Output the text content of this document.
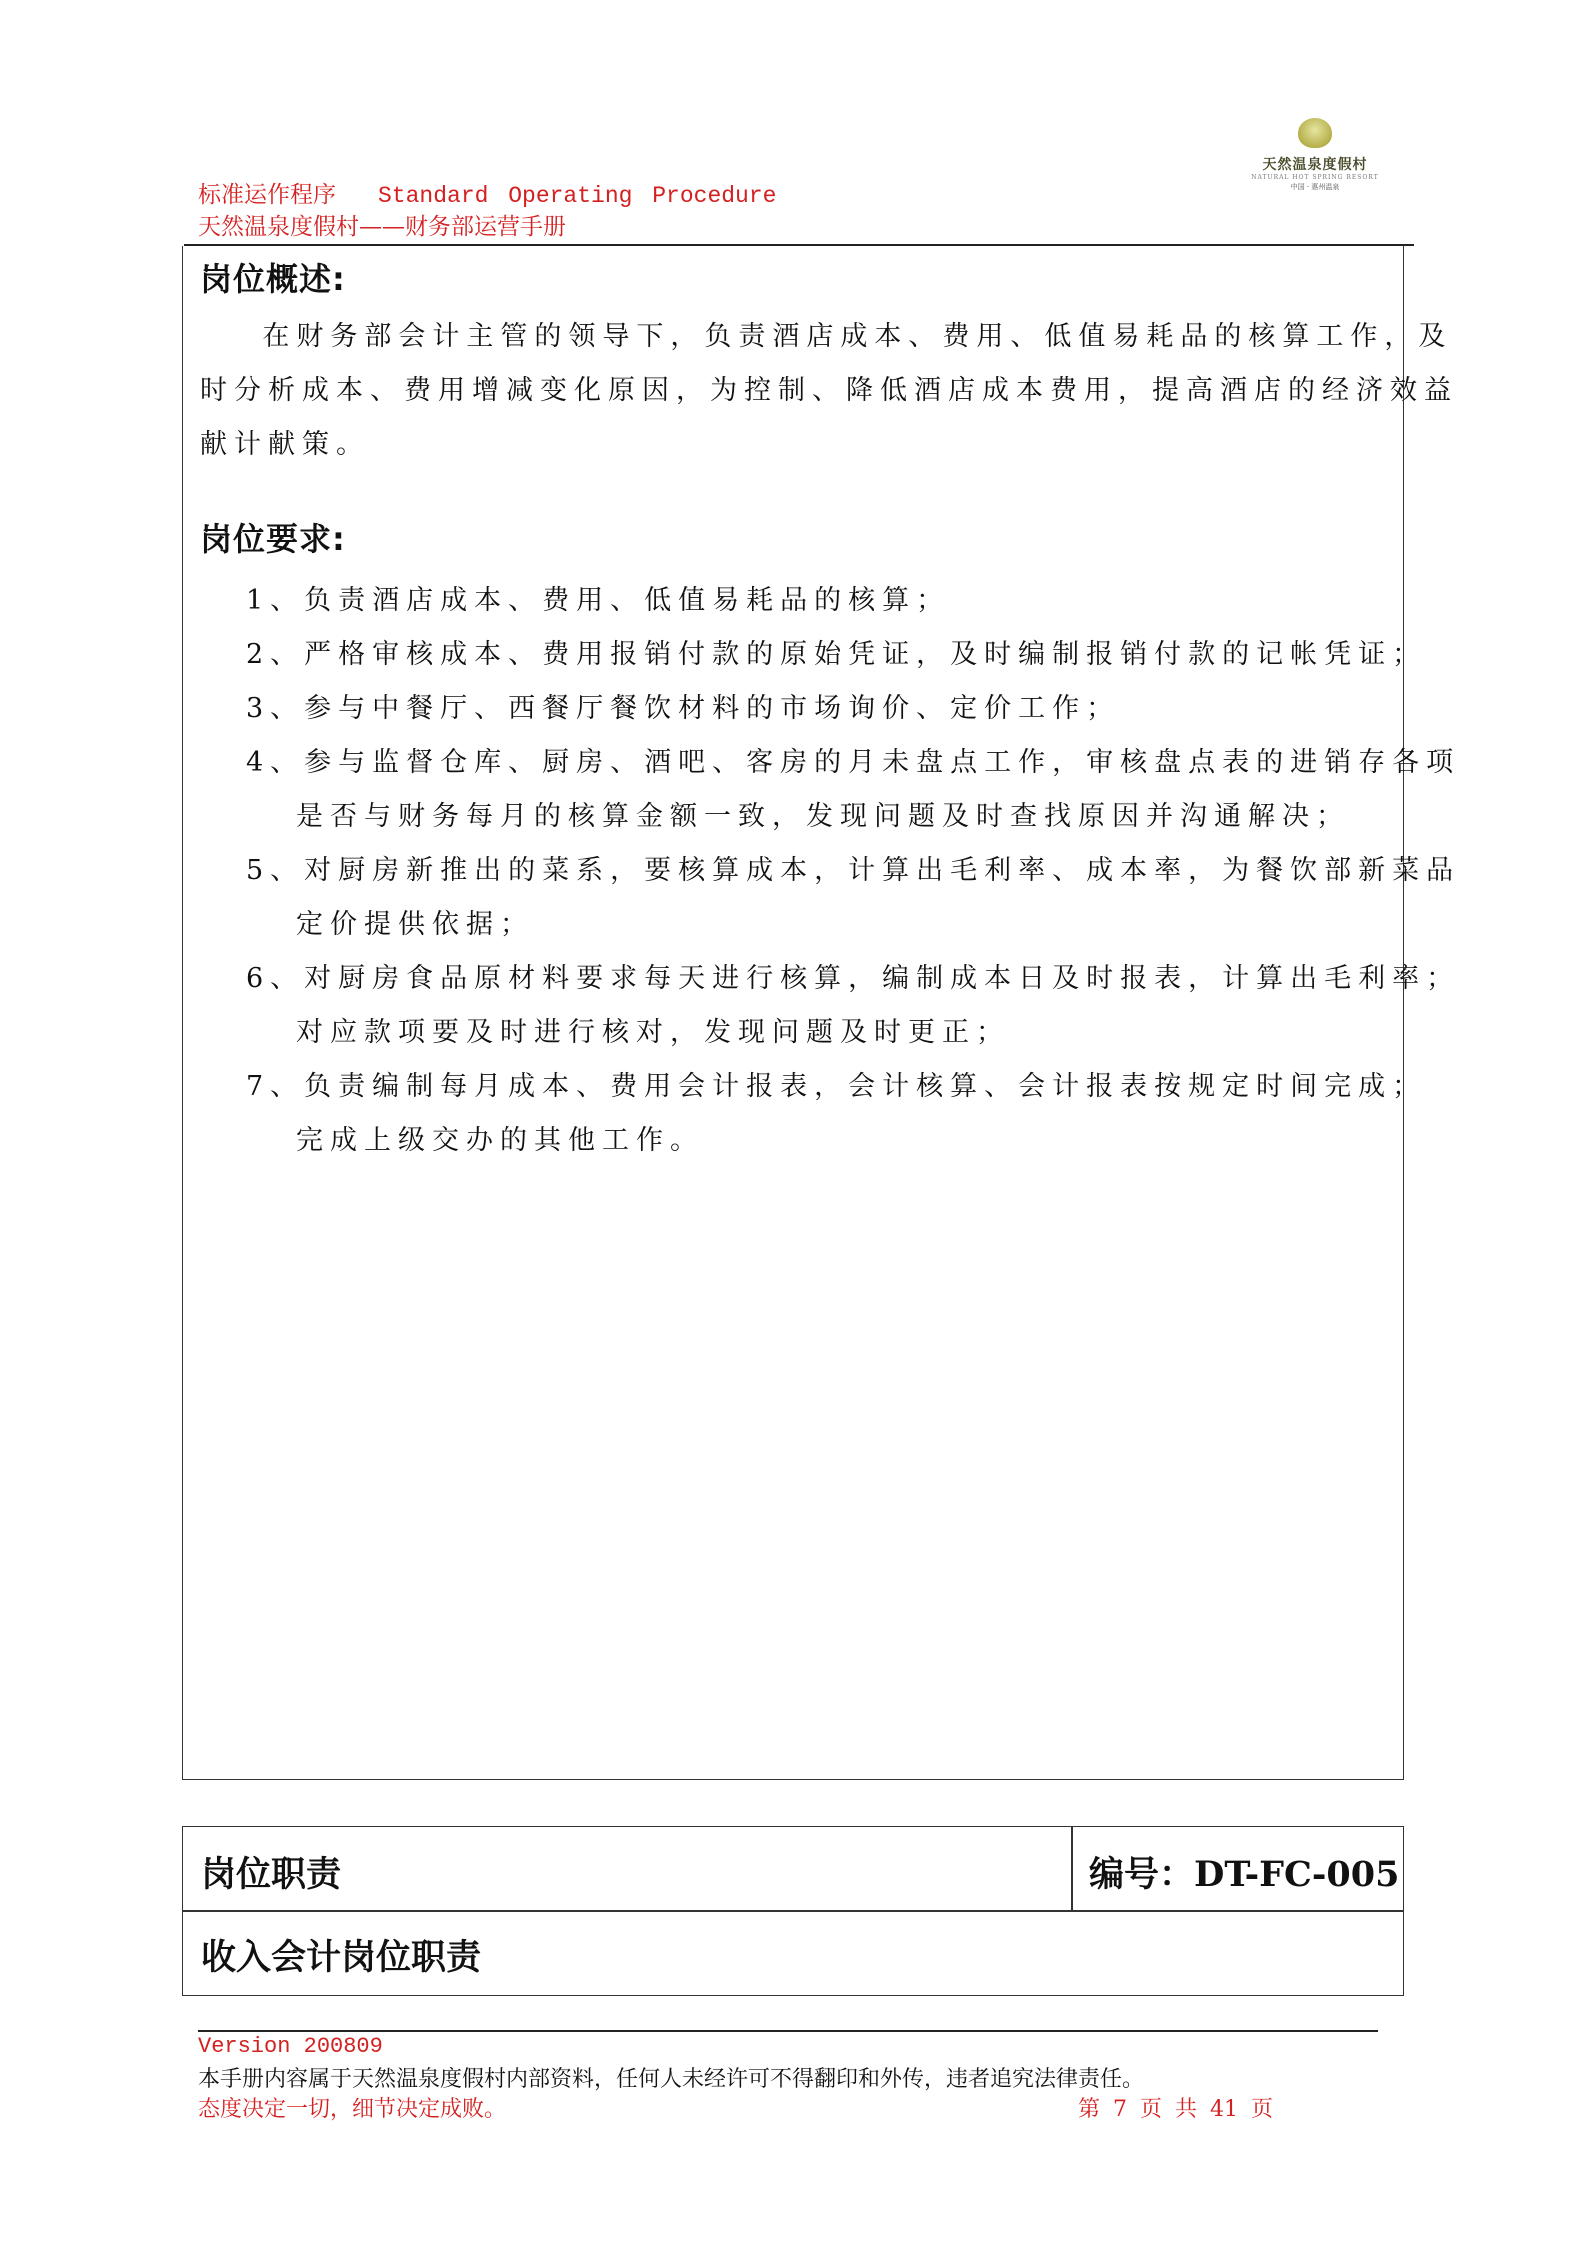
标准运作程序 Standard Operating Procedure
天然温泉度假村——财务部运营手册
天然温泉度假村
NATURAL HOT SPRING RESORT
中国 · 惠州温泉
岗位概述:
在财务部会计主管的领导下，负责酒店成本、费用、低值易耗品的核算工作，及
时分析成本、费用增减变化原因，为控制、降低酒店成本费用，提高酒店的经济效益
献计献策。
岗位要求:
1、负责酒店成本、费用、低值易耗品的核算；
2、严格审核成本、费用报销付款的原始凭证，及时编制报销付款的记帐凭证；
3、参与中餐厅、西餐厅餐饮材料的市场询价、定价工作；
4、参与监督仓库、厨房、酒吧、客房的月未盘点工作，审核盘点表的进销存各项
是否与财务每月的核算金额一致，发现问题及时查找原因并沟通解决；
5、对厨房新推出的菜系，要核算成本，计算出毛利率、成本率，为餐饮部新菜品
定价提供依据；
6、对厨房食品原材料要求每天进行核算，编制成本日及时报表，计算出毛利率；
对应款项要及时进行核对，发现问题及时更正；
7、负责编制每月成本、费用会计报表，会计核算、会计报表按规定时间完成；
完成上级交办的其他工作。
岗位职责	编号：DT-FC-005
收入会计岗位职责
Version 200809
本手册内容属于天然温泉度假村内部资料，任何人未经许可不得翻印和外传，违者追究法律责任。
态度决定一切，细节决定成败。	第 7 页 共 41 页
